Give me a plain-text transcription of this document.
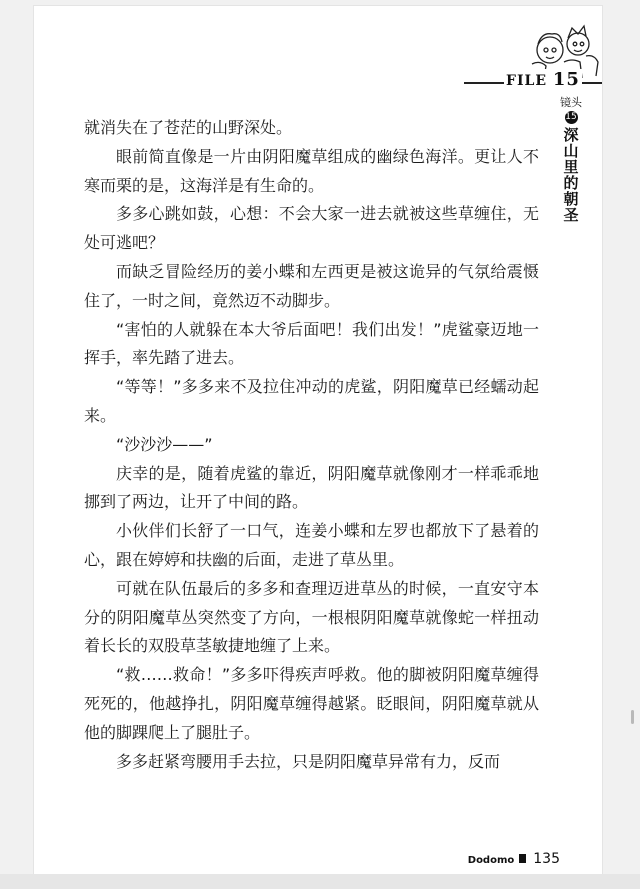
FILE 15
镜头
15
深山里的朝圣

就消失在了苍茫的山野深处。

眼前简直像是一片由阴阳魔草组成的幽绿色海洋。更让人不寒而栗的是，这海洋是有生命的。

多多心跳如鼓，心想：不会大家一进去就被这些草缠住，无处可逃吧？

而缺乏冒险经历的姜小蝶和左西更是被这诡异的气氛给震慑住了，一时之间，竟然迈不动脚步。

“害怕的人就躲在本大爷后面吧！我们出发！”虎鲨豪迈地一挥手，率先踏了进去。

“等等！”多多来不及拉住冲动的虎鲨，阴阳魔草已经蠕动起来。

“沙沙沙——”

庆幸的是，随着虎鲨的靠近，阴阳魔草就像刚才一样乖乖地挪到了两边，让开了中间的路。

小伙伴们长舒了一口气，连姜小蝶和左罗也都放下了悬着的心，跟在婷婷和扶幽的后面，走进了草丛里。

可就在队伍最后的多多和查理迈进草丛的时候，一直安守本分的阴阳魔草丛突然变了方向，一根根阴阳魔草就像蛇一样扭动着长长的双股草茎敏捷地缠了上来。

“救……救命！”多多吓得疾声呼救。他的脚被阴阳魔草缠得死死的，他越挣扎，阴阳魔草缠得越紧。眨眼间，阴阳魔草就从他的脚踝爬上了腿肚子。

多多赶紧弯腰用手去拉，只是阴阳魔草异常有力，反而

Dodomo 135
